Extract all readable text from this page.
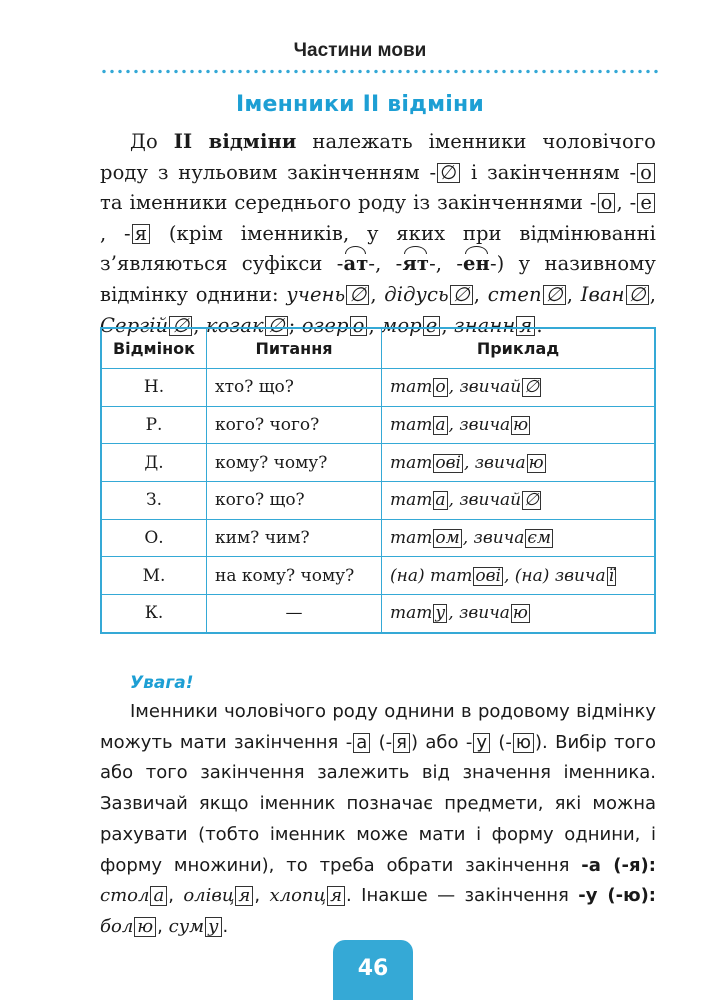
Частини мови
Іменники ІІ відміни
До ІІ відміни належать іменники чоловічого роду з нульовим закінченням - ∅ і закінченням - о та іменники середнього роду із закінченнями - о , - е, - я (крім іменників, у яких при відмінюванні з’являються суфікси -ат-, -ят-, -ен-) у називному відмінку однини: учень ∅ , дідусь ∅ , степ ∅ , Іван ∅ , Сергій ∅ , козак ∅ ; озер о , мор е , знанн я .
Відмінок	Питання	Приклад
Н.	хто? що?	тат о , звичай ∅
Р.	кого? чого?	тат а , звича ю
Д.	кому? чому?	тат ові , звича ю
З.	кого? що?	тат а , звичай ∅
О.	ким? чим?	тат ом , звича єм
М.	на кому? чому?	(на) тат ові , (на) звича ї
К.	—	тат у , звича ю
Увага!
Іменники чоловічого роду однини в родовому відмінку можуть мати закінчення - а (- я ) або - у (- ю ). Вибір того або того закінчення залежить від значення іменника. Зазвичай якщо іменник позначає предмети, які можна рахувати (тобто іменник може мати і форму однини, і форму множини), то треба обрати закінчення -а (-я): стол а , олівц я , хлопц я . Інакше — закінчення -у (-ю): бол ю , сум у .
46
